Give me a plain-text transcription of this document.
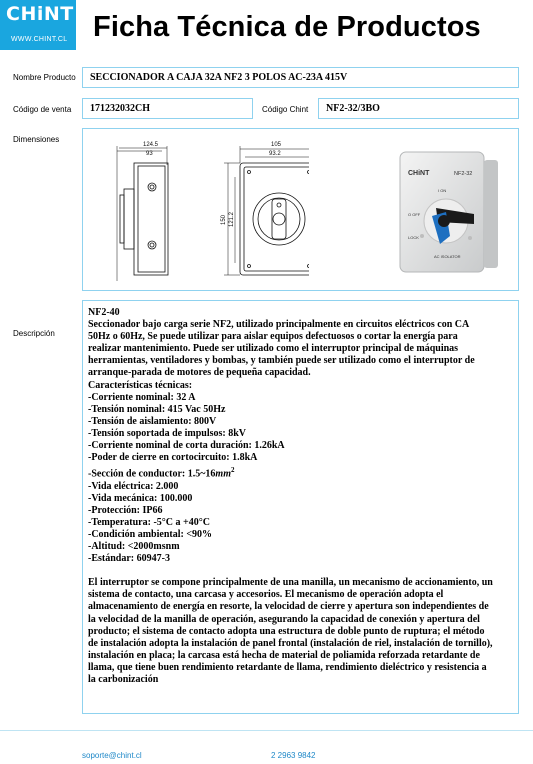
CHiNT
WWW.CHINT.CL Ficha Técnica de Productos
Nombre Producto SECCIONADOR A CAJA 32A NF2 3 POLOS AC-23A 415V
Código de venta 171232032CH	Código Chint NF2-32/3BO
Dimensiones
124.5
93
105
93.2
150 121.2
CHiNT	NF2-32
I ON
O OFF
LOCK
AC ISOLATOR
Descripción
NF2-40
Seccionador bajo carga serie NF2, utilizado principalmente en circuitos eléctricos con CA
50Hz o 60Hz, Se puede utilizar para aislar equipos defectuosos o cortar la energía para
realizar mantenimiento. Puede ser utilizado como el interruptor principal de máquinas
herramientas, ventiladores y bombas, y también puede ser utilizado como el interruptor de
arranque-parada de motores de pequeña capacidad.
Características técnicas:
-Corriente nominal: 32 A
-Tensión nominal: 415 Vac 50Hz
-Tensión de aislamiento: 800V
-Tensión soportada de impulsos: 8kV
-Corriente nominal de corta duración: 1.26kA
-Poder de cierre en cortocircuito: 1.8kA
-Sección de conductor: $1.5\sim 16mm^2$
-Vida eléctrica: 2.000
-Vida mecánica: 100.000
-Protección: IP66
-Temperatura: -5°C a +40°C
-Condición ambiental: <90%
-Altitud: <2000msnm
-Estándar: 60947-3
El interruptor se compone principalmente de una manilla, un mecanismo de accionamiento, un
sistema de contacto, una carcasa y accesorios. El mecanismo de operación adopta el
almacenamiento de energía en resorte, la velocidad de cierre y apertura son independientes de
la velocidad de la manilla de operación, asegurando la capacidad de conexión y apertura del
producto; el sistema de contacto adopta una estructura de doble punto de ruptura; el método
de instalación adopta la instalación de panel frontal (instalación de riel, instalación de tornillo),
instalación en placa; la carcasa está hecha de material de poliamida reforzada retardante de
llama, que tiene buen rendimiento retardante de llama, rendimiento dieléctrico y resistencia a
la carbonización
soporte@chint.cl	2 2963 9842
